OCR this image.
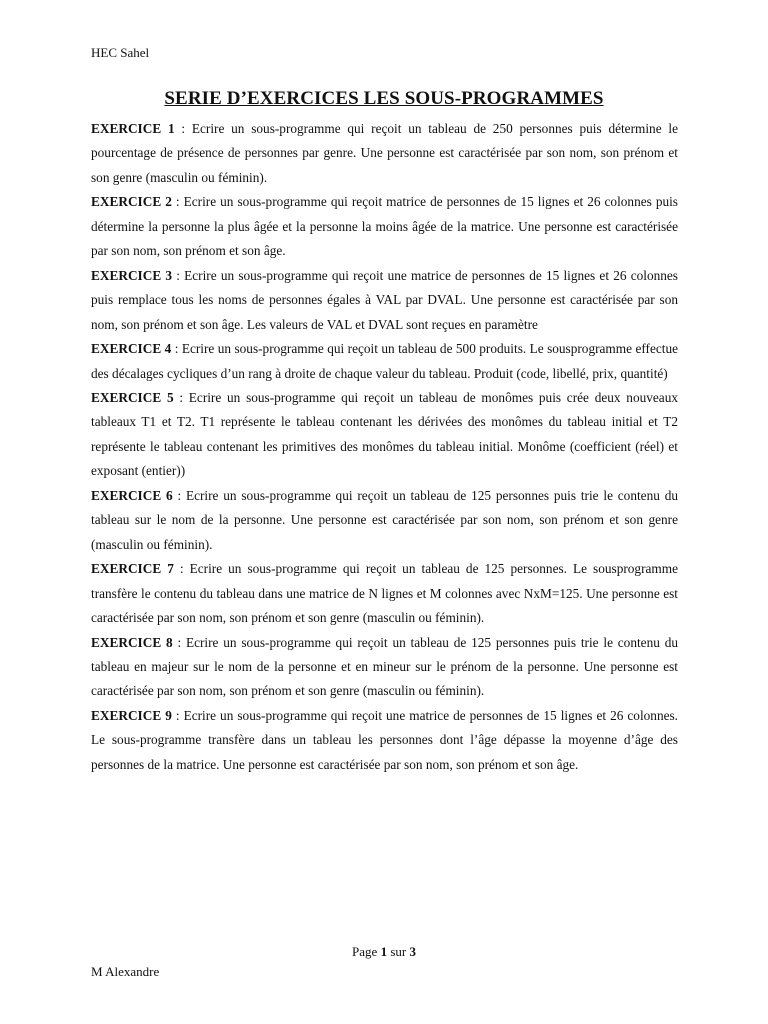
HEC Sahel
SERIE D’EXERCICES LES SOUS-PROGRAMMES

EXERCICE 1 : Ecrire un sous-programme qui reçoit un tableau de 250 personnes puis détermine le pourcentage de présence de personnes par genre. Une personne est caractérisée par son nom, son prénom et son genre (masculin ou féminin).

EXERCICE 2 : Ecrire un sous-programme qui reçoit matrice de personnes de 15 lignes et 26 colonnes puis détermine la personne la plus âgée et la personne la moins âgée de la matrice. Une personne est caractérisée par son nom, son prénom et son âge.

EXERCICE 3 : Ecrire un sous-programme qui reçoit une matrice de personnes de 15 lignes et 26 colonnes puis remplace tous les noms de personnes égales à VAL par DVAL. Une personne est caractérisée par son nom, son prénom et son âge. Les valeurs de VAL et DVAL sont reçues en paramètre

EXERCICE 4 : Ecrire un sous-programme qui reçoit un tableau de 500 produits. Le sousprogramme effectue des décalages cycliques d’un rang à droite de chaque valeur du tableau. Produit (code, libellé, prix, quantité)

EXERCICE 5 : Ecrire un sous-programme qui reçoit un tableau de monômes puis crée deux nouveaux tableaux T1 et T2. T1 représente le tableau contenant les dérivées des monômes du tableau initial et T2 représente le tableau contenant les primitives des monômes du tableau initial. Monôme (coefficient (réel) et exposant (entier))

EXERCICE 6 : Ecrire un sous-programme qui reçoit un tableau de 125 personnes puis trie le contenu du tableau sur le nom de la personne. Une personne est caractérisée par son nom, son prénom et son genre (masculin ou féminin).

EXERCICE 7 : Ecrire un sous-programme qui reçoit un tableau de 125 personnes. Le sousprogramme transfère le contenu du tableau dans une matrice de N lignes et M colonnes avec NxM=125. Une personne est caractérisée par son nom, son prénom et son genre (masculin ou féminin).

EXERCICE 8 : Ecrire un sous-programme qui reçoit un tableau de 125 personnes puis trie le contenu du tableau en majeur sur le nom de la personne et en mineur sur le prénom de la personne. Une personne est caractérisée par son nom, son prénom et son genre (masculin ou féminin).

EXERCICE 9 : Ecrire un sous-programme qui reçoit une matrice de personnes de 15 lignes et 26 colonnes. Le sous-programme transfère dans un tableau les personnes dont l’âge dépasse la moyenne d’âge des personnes de la matrice. Une personne est caractérisée par son nom, son prénom et son âge.

Page 1 sur 3
M Alexandre
